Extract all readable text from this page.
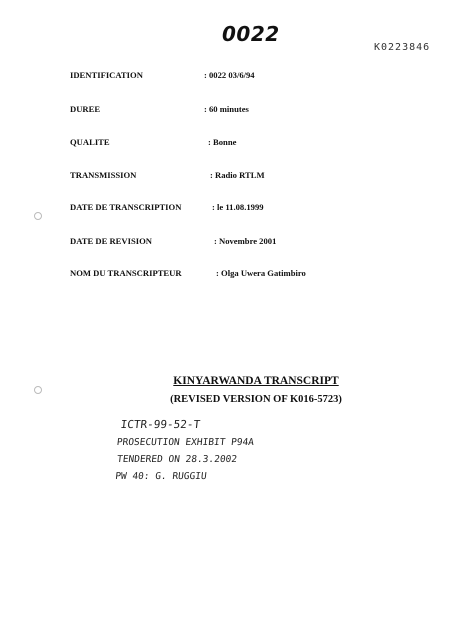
0022
K0223846
IDENTIFICATION	: 0022 03/6/94
DUREE	: 60 minutes
QUALITE	: Bonne
TRANSMISSION	: Radio RTLM
DATE DE TRANSCRIPTION	: le 11.08.1999
DATE DE REVISION	: Novembre 2001
NOM DU TRANSCRIPTEUR	: Olga Uwera Gatimbiro
KINYARWANDA TRANSCRIPT
(REVISED VERSION OF K016-5723)
ICTR-99-52-T
PROSECUTION EXHIBIT P94A
TENDERED ON 28.3.2002
PW 40: G. RUGGIU
